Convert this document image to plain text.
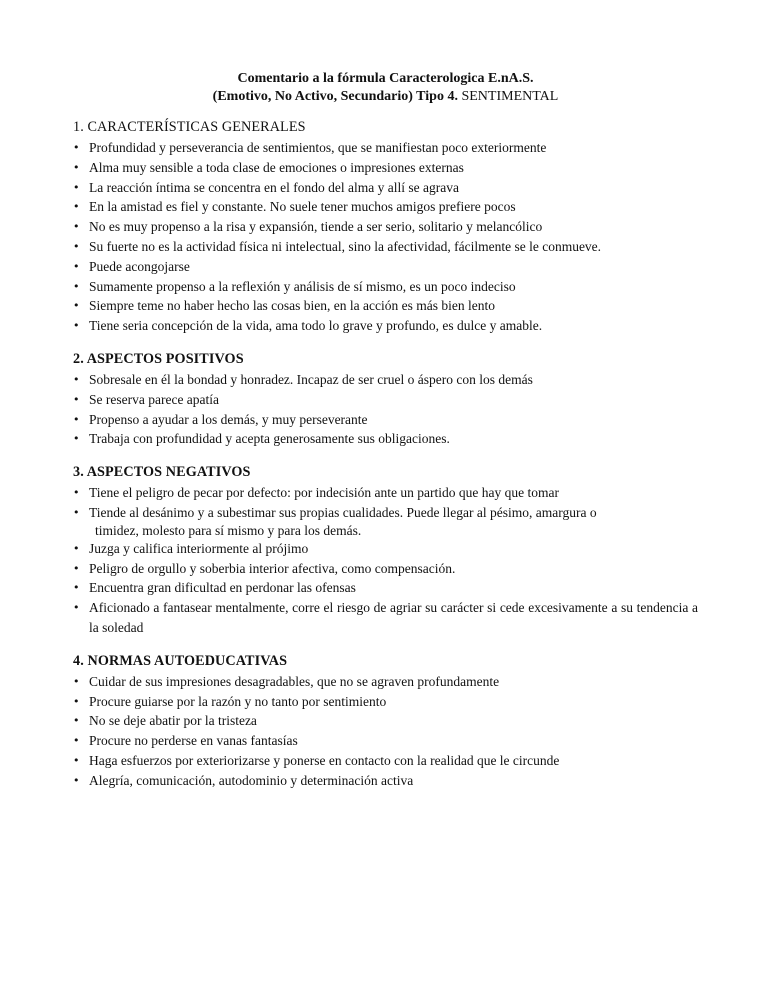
Comentario a la fórmula Caracterologica E.nA.S.

(Emotivo, No Activo, Secundario) Tipo 4. SENTIMENTAL

1. CARACTERÍSTICAS GENERALES
• Profundidad y perseverancia de sentimientos, que se manifiestan poco exteriormente
• Alma muy sensible a toda clase de emociones o impresiones externas
• La reacción íntima se concentra en el fondo del alma y allí se agrava
• En la amistad es fiel y constante. No suele tener muchos amigos prefiere pocos
• No es muy propenso a la risa y expansión, tiende a ser serio, solitario y melancólico
• Su fuerte no es la actividad física ni intelectual, sino la afectividad, fácilmente se le conmueve.
• Puede acongojarse
• Sumamente propenso a la reflexión y análisis de sí mismo, es un poco indeciso
• Siempre teme no haber hecho las cosas bien, en la acción es más bien lento
• Tiene seria concepción de la vida, ama todo lo grave y profundo, es dulce y amable.
2. ASPECTOS POSITIVOS
• Sobresale en él la bondad y honradez. Incapaz de ser cruel o áspero con los demás
• Se reserva parece apatía
• Propenso a ayudar a los demás, y muy perseverante
• Trabaja con profundidad y acepta generosamente sus obligaciones.
3. ASPECTOS NEGATIVOS
• Tiene el peligro de pecar por defecto: por indecisión ante un partido que hay que tomar
• Tiende al desánimo y a subestimar sus propias cualidades. Puede llegar al pésimo, amargura o
timidez, molesto para sí mismo y para los demás.
• Juzga y califica interiormente al prójimo
• Peligro de orgullo y soberbia interior afectiva, como compensación.
• Encuentra gran dificultad en perdonar las ofensas
• Aficionado a fantasear mentalmente, corre el riesgo de agriar su carácter si cede excesivamente a su tendencia a la soledad
4. NORMAS AUTOEDUCATIVAS
• Cuidar de sus impresiones desagradables, que no se agraven profundamente
• Procure guiarse por la razón y no tanto por sentimiento
• No se deje abatir por la tristeza
• Procure no perderse en vanas fantasías
• Haga esfuerzos por exteriorizarse y ponerse en contacto con la realidad que le circunde
• Alegría, comunicación, autodominio y determinación activa
